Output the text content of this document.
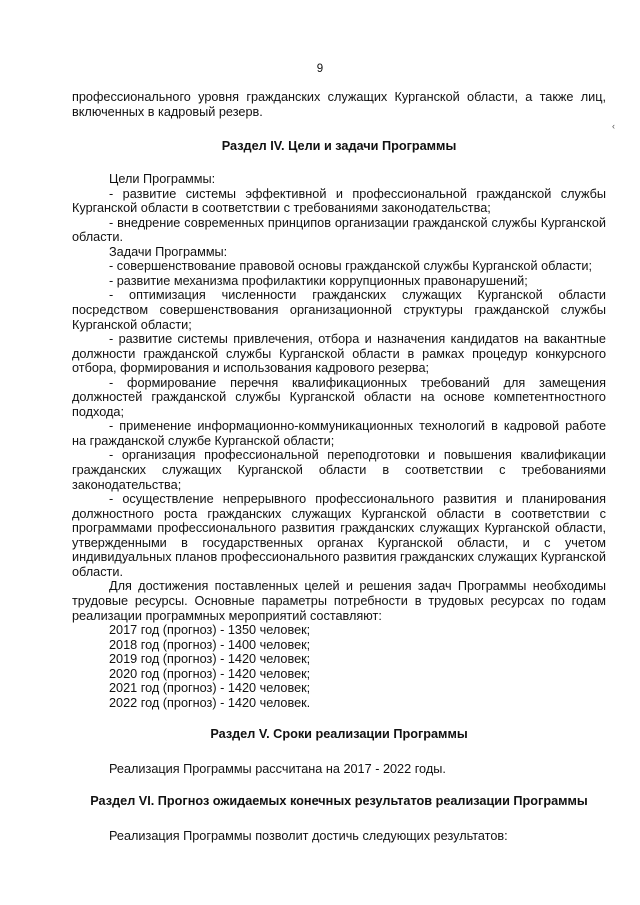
9
‹

профессионального уровня гражданских служащих Курганской области, а также лиц, включенных в кадровый резерв.

Раздел IV. Цели и задачи Программы

Цели Программы:

- развитие системы эффективной и профессиональной гражданской службы Курганской области в соответствии с требованиями законодательства;

- внедрение современных принципов организации гражданской службы Курганской области.

Задачи Программы:

- совершенствование правовой основы гражданской службы Курганской области;

- развитие механизма профилактики коррупционных правонарушений;

- оптимизация численности гражданских служащих Курганской области посредством совершенствования организационной структуры гражданской службы Курганской области;

- развитие системы привлечения, отбора и назначения кандидатов на вакантные должности гражданской службы Курганской области в рамках процедур конкурсного отбора, формирования и использования кадрового резерва;

- формирование перечня квалификационных требований для замещения должностей гражданской службы Курганской области на основе компетентностного подхода;

- применение информационно-коммуникационных технологий в кадровой работе на гражданской службе Курганской области;

- организация профессиональной переподготовки и повышения квалификации гражданских служащих Курганской области в соответствии с требованиями законодательства;

- осуществление непрерывного профессионального развития и планирования должностного роста гражданских служащих Курганской области в соответствии с программами профессионального развития гражданских служащих Курганской области, утвержденными в государственных органах Курганской области, и с учетом индивидуальных планов профессионального развития гражданских служащих Курганской области.

Для достижения поставленных целей и решения задач Программы необходимы трудовые ресурсы. Основные параметры потребности в трудовых ресурсах по годам реализации программных мероприятий составляют:

2017 год (прогноз) - 1350 человек;

2018 год (прогноз) - 1400 человек;

2019 год (прогноз) - 1420 человек;

2020 год (прогноз) - 1420 человек;

2021 год (прогноз) - 1420 человек;

2022 год (прогноз) - 1420 человек.

Раздел V. Сроки реализации Программы

Реализация Программы рассчитана на 2017 - 2022 годы.

Раздел VI. Прогноз ожидаемых конечных результатов реализации Программы

Реализация Программы позволит достичь следующих результатов:
